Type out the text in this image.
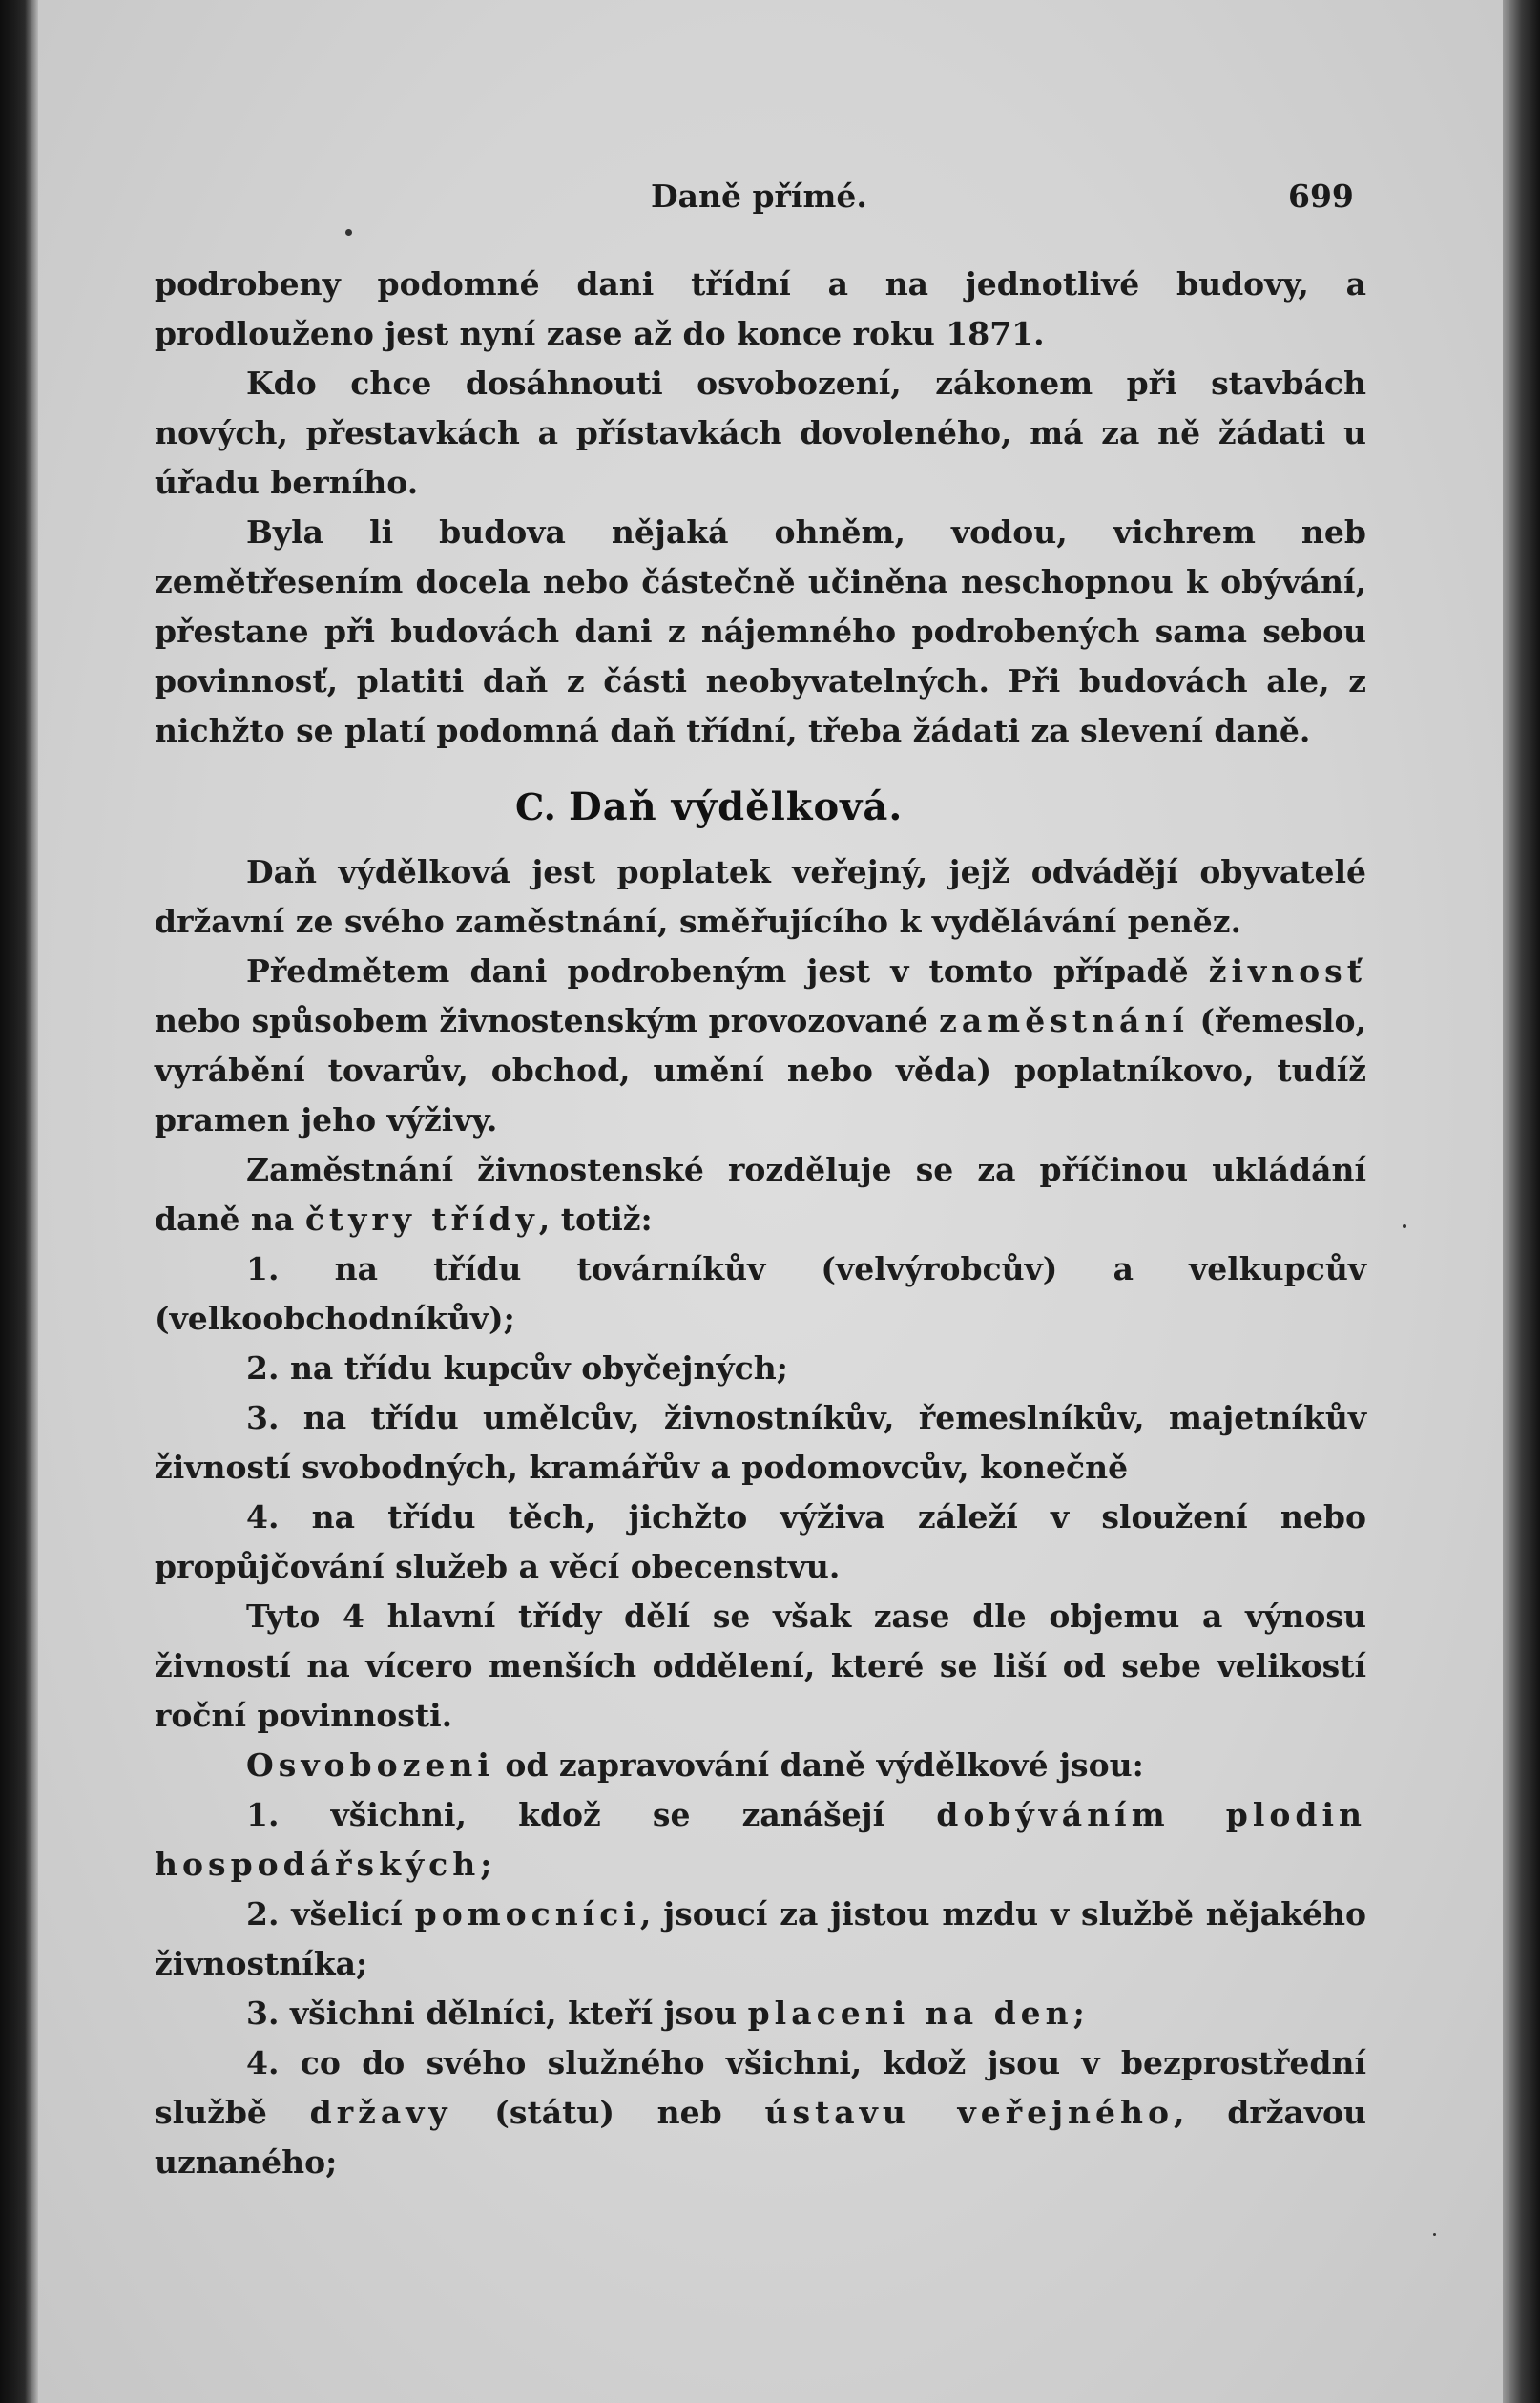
Daně přímé.	699

podrobeny podomné dani třídní a na jednotlivé budovy, a prodlouženo jest nyní zase až do konce roku 1871.

Kdo chce dosáhnouti osvobození, zákonem při stavbách nových, přestavkách a přístavkách dovoleného, má za ně žádati u úřadu berního.

Byla li budova nějaká ohněm, vodou, vichrem neb zemětřesením docela nebo částečně učiněna neschopnou k obývání, přestane při budovách dani z nájemného podrobených sama sebou povinnosť, platiti daň z části neobyvatelných. Při budovách ale, z nichžto se platí podomná daň třídní, třeba žádati za slevení daně.

C. Daň výdělková.

Daň výdělková jest poplatek veřejný, jejž odvádějí obyvatelé državní ze svého zaměstnání, směřujícího k vydělávání peněz.

Předmětem dani podrobeným jest v tomto případě živnosť nebo spůsobem živnostenským provozované zaměstnání (řemeslo, vyrábění tovarův, obchod, umění nebo věda) poplatníkovo, tudíž pramen jeho výživy.

Zaměstnání živnostenské rozděluje se za příčinou ukládání daně na čtyry třídy, totiž:

1. na třídu továrníkův (velvýrobcův) a velkupcův (velkoobchodníkův);

2. na třídu kupcův obyčejných;

3. na třídu umělcův, živnostníkův, řemeslníkův, majetníkův živností svobodných, kramářův a podomovcův, konečně

4. na třídu těch, jichžto výživa záleží v sloužení nebo propůjčování služeb a věcí obecenstvu.

Tyto 4 hlavní třídy dělí se však zase dle objemu a výnosu živností na vícero menších oddělení, které se liší od sebe velikostí roční povinnosti.

Osvobozeni od zapravování daně výdělkové jsou:

1. všichni, kdož se zanášejí dobýváním plodin hospodářských;

2. všelicí pomocníci, jsoucí za jistou mzdu v službě nějakého živnostníka;

3. všichni dělníci, kteří jsou placeni na den;

4. co do svého služného všichni, kdož jsou v bezprostřední službě državy (státu) neb ústavu veřejného, državou uznaného;
